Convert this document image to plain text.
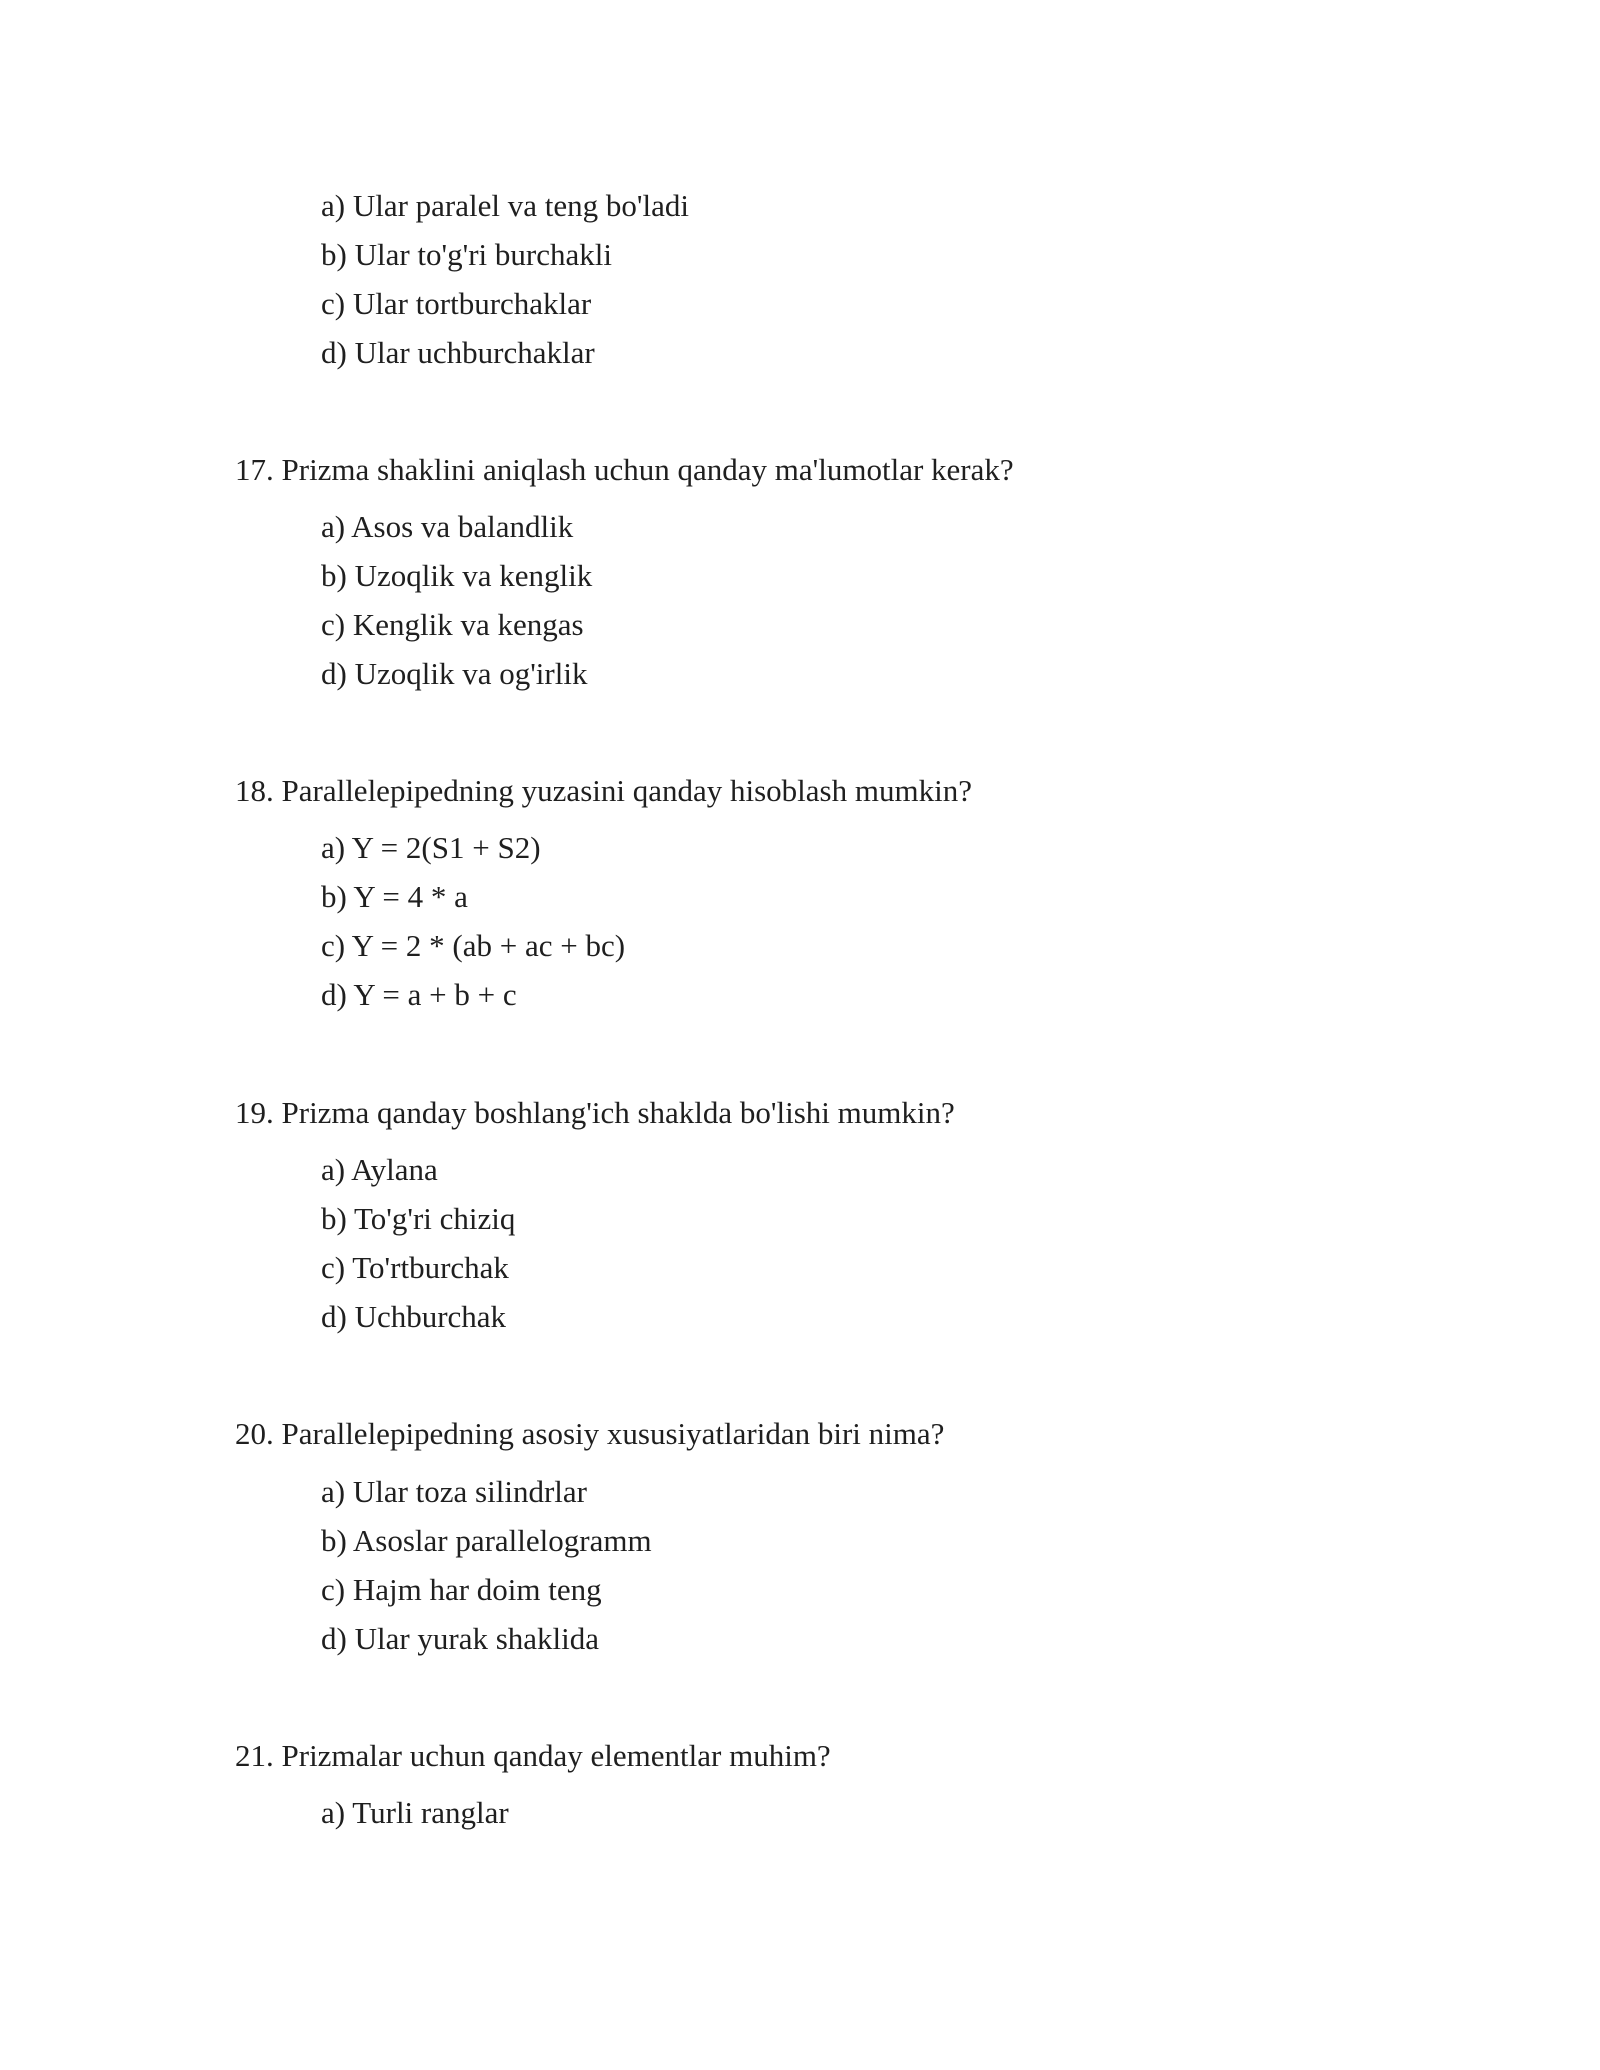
a) Ular paralel va teng bo'ladi
b) Ular to'g'ri burchakli
c) Ular tortburchaklar
d) Ular uchburchaklar
17. Prizma shaklini aniqlash uchun qanday ma'lumotlar kerak?
a) Asos va balandlik
b) Uzoqlik va kenglik
c) Kenglik va kengas
d) Uzoqlik va og'irlik
18. Parallelepipedning yuzasini qanday hisoblash mumkin?
a) Y = 2(S1 + S2)
b) Y = 4 * a
c) Y = 2 * (ab + ac + bc)
d) Y = a + b + c
19. Prizma qanday boshlang'ich shaklda bo'lishi mumkin?
a) Aylana
b) To'g'ri chiziq
c) To'rtburchak
d) Uchburchak
20. Parallelepipedning asosiy xususiyatlaridan biri nima?
a) Ular toza silindrlar
b) Asoslar parallelogramm
c) Hajm har doim teng
d) Ular yurak shaklida
21. Prizmalar uchun qanday elementlar muhim?
a) Turli ranglar
